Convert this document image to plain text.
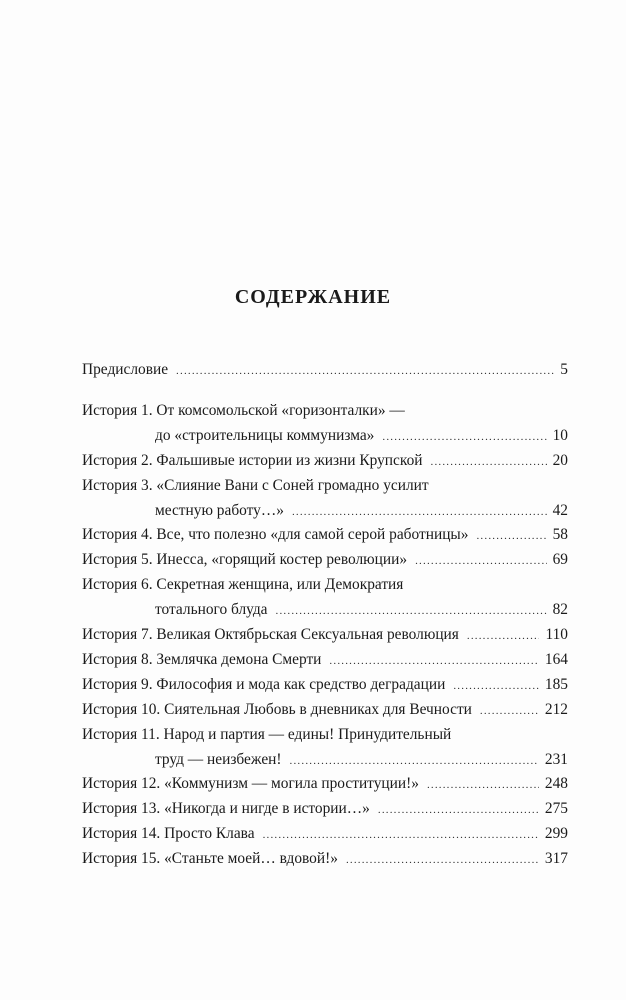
СОДЕРЖАНИЕ
Предисловие .....	5
История 1. От комсомольской «горизонталки» —
до «строительницы коммунизма» .....	10
История 2. Фальшивые истории из жизни Крупской .....	20
История 3. «Слияние Вани с Соней громадно усилит
местную работу…» .....	42
История 4. Все, что полезно «для самой серой работницы» .....	58
История 5. Инесса, «горящий костер революции» .....	69
История 6. Секретная женщина, или Демократия
тотального блуда .....	82
История 7. Великая Октябрьская Сексуальная революция .....	110
История 8. Землячка демона Смерти .....	164
История 9. Философия и мода как средство деградации .....	185
История 10. Сиятельная Любовь в дневниках для Вечности .....	212
История 11. Народ и партия — едины! Принудительный
труд — неизбежен! .....	231
История 12. «Коммунизм — могила проституции!» .....	248
История 13. «Никогда и нигде в истории…» .....	275
История 14. Просто Клава .....	299
История 15. «Станьте моей… вдовой!» .....	317
